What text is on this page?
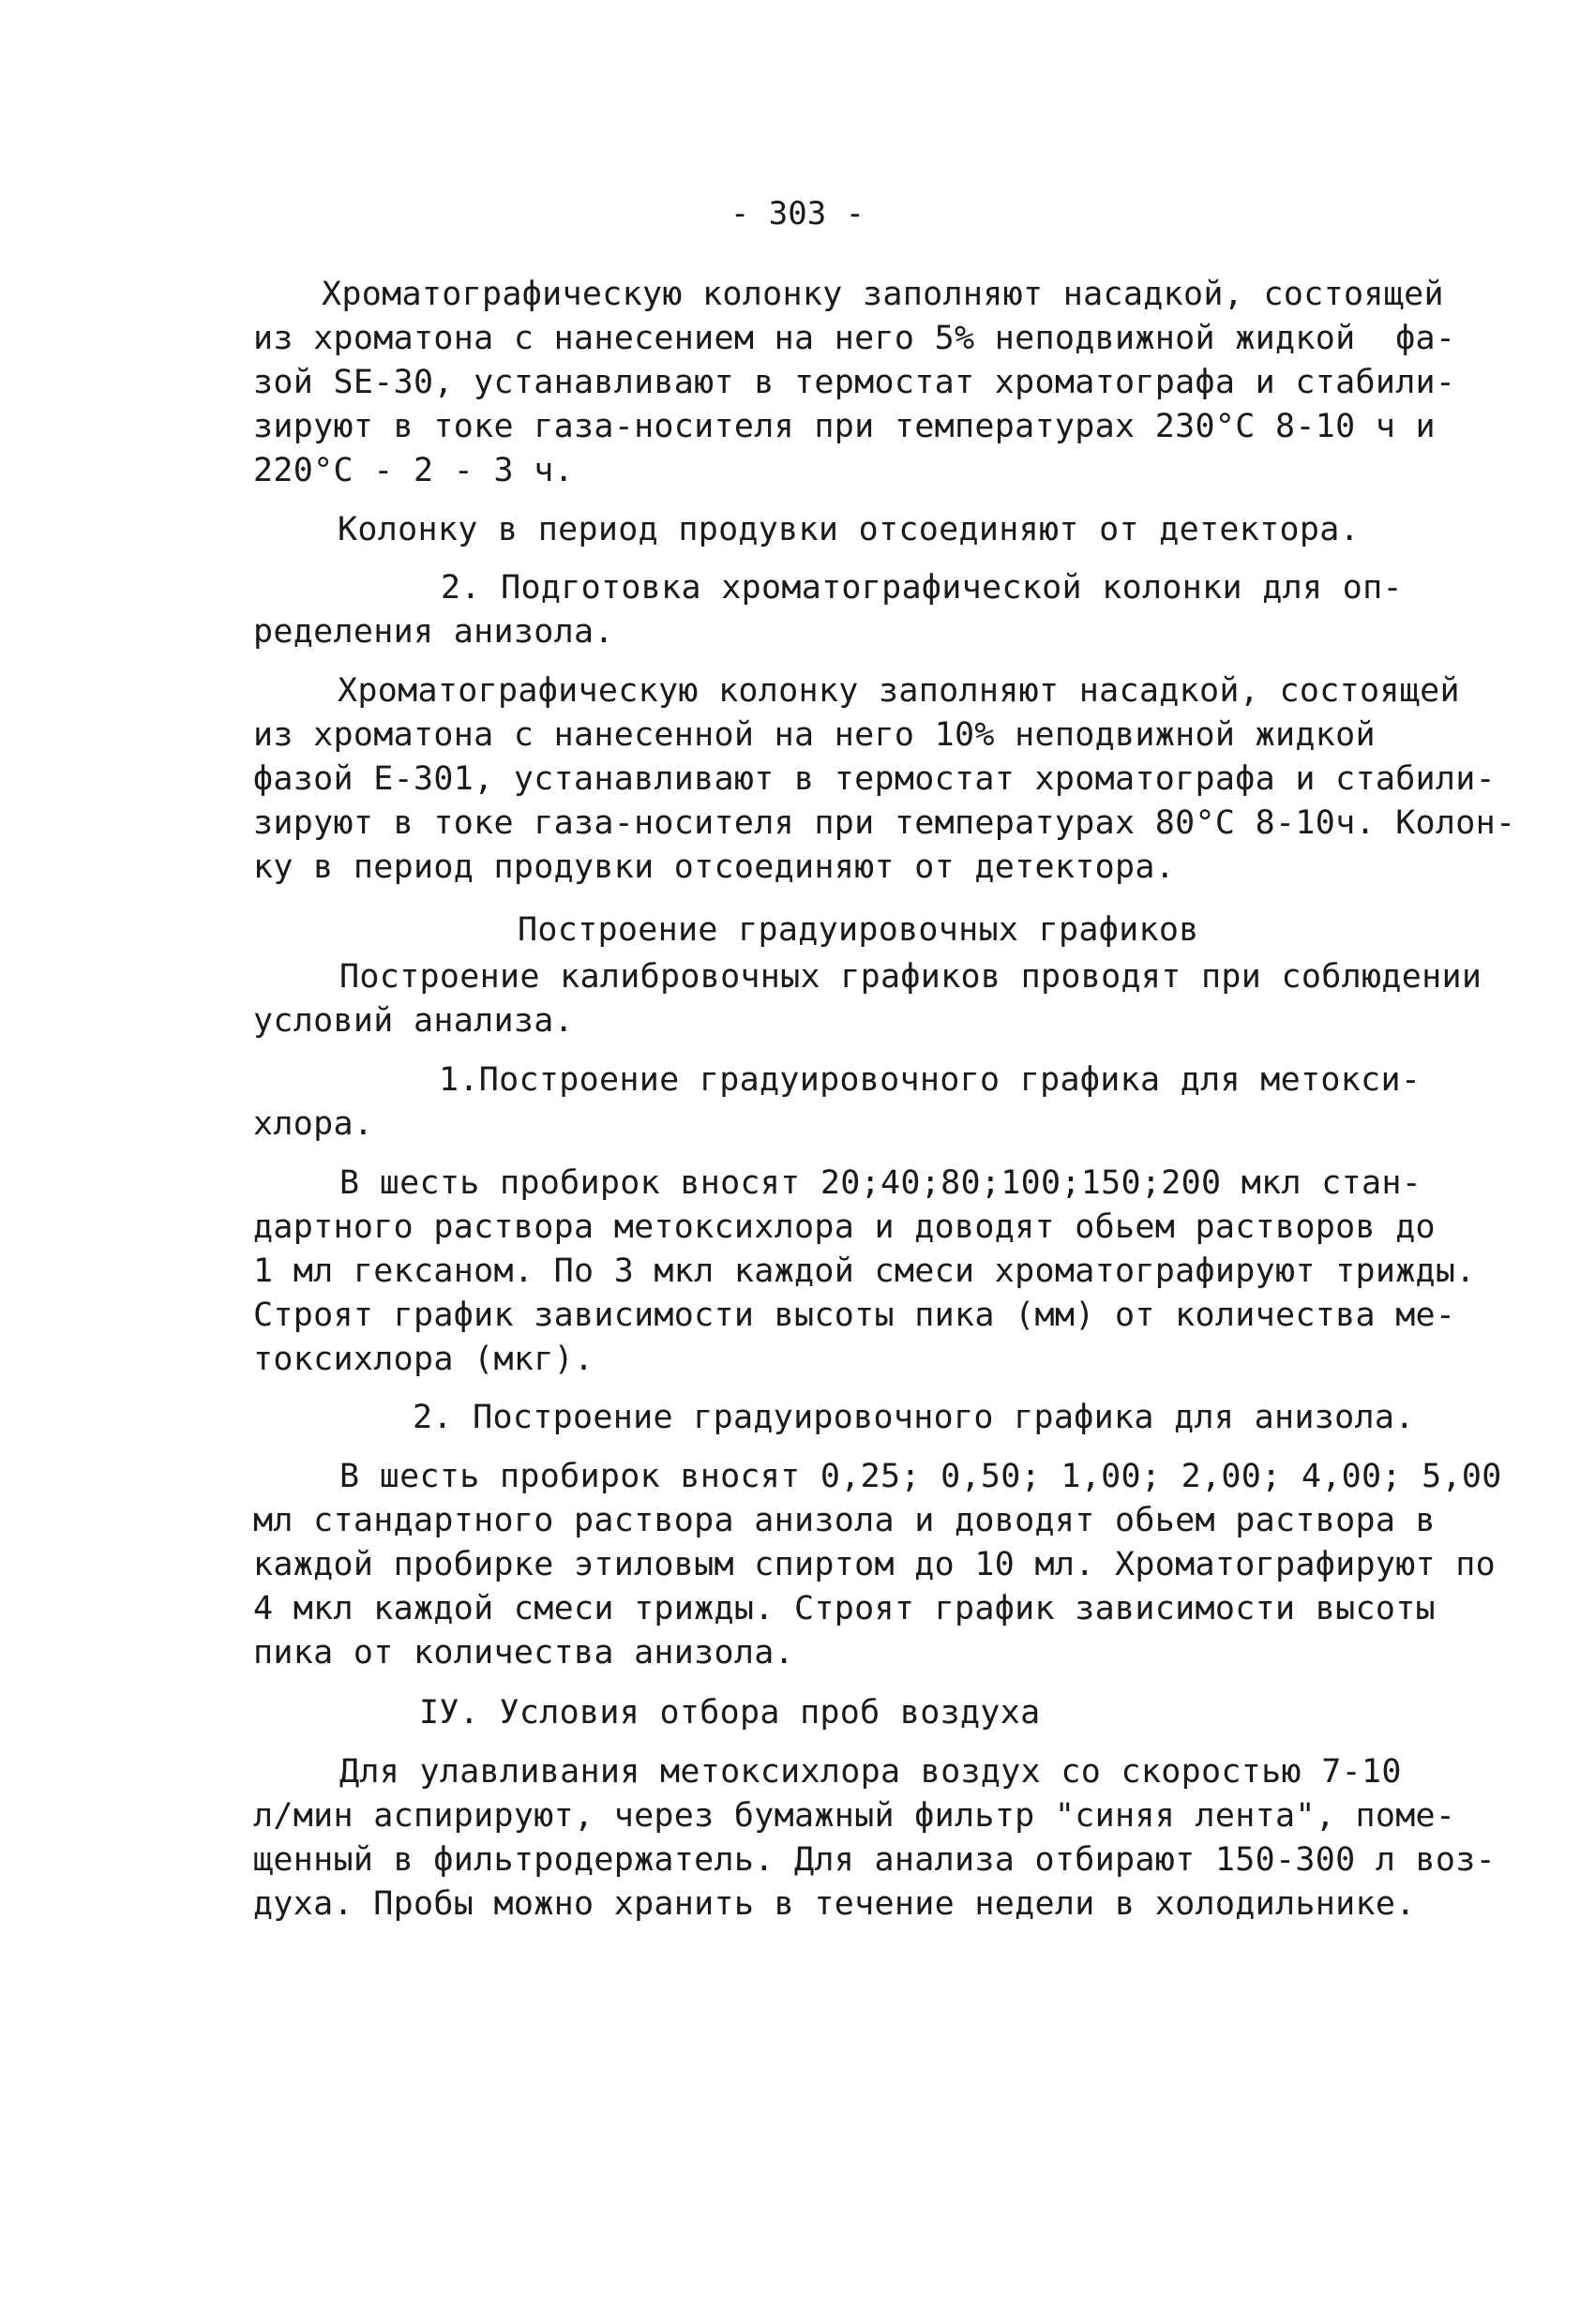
- 303 -
Хроматографическую колонку заполняют насадкой, состоящей
из хроматона с нанесением на него 5% неподвижной жидкой  фа-
зой SE-30, устанавливают в термостат хроматографа и стабили-
зируют в токе газа-носителя при температурах 230°С 8-10 ч и
220°С - 2 - 3 ч.
Колонку в период продувки отсоединяют от детектора.
2. Подготовка хроматографической колонки для оп-
ределения анизола.
Хроматографическую колонку заполняют насадкой, состоящей
из хроматона с нанесенной на него 10% неподвижной жидкой
фазой Е-301, устанавливают в термостат хроматографа и стабили-
зируют в токе газа-носителя при температурах 80°С 8-10ч. Колон-
ку в период продувки отсоединяют от детектора.
Построение градуировочных графиков
Построение калибровочных графиков проводят при соблюдении
условий анализа.
1.Построение градуировочного графика для метокси-
хлора.
В шесть пробирок вносят 20;40;80;100;150;200 мкл стан-
дартного раствора метоксихлора и доводят обьем растворов до
1 мл гексаном. По 3 мкл каждой смеси хроматографируют трижды.
Строят график зависимости высоты пика (мм) от количества ме-
токсихлора (мкг).
2. Построение градуировочного графика для анизола.
В шесть пробирок вносят 0,25; 0,50; 1,00; 2,00; 4,00; 5,00
мл стандартного раствора анизола и доводят обьем раствора в
каждой пробирке этиловым спиртом до 10 мл. Хроматографируют по
4 мкл каждой смеси трижды. Строят график зависимости высоты
пика от количества анизола.
IУ. Условия отбора проб воздуха
Для улавливания метоксихлора воздух со скоростью 7-10
л/мин аспирируют, через бумажный фильтр "синяя лента", поме-
щенный в фильтродержатель. Для анализа отбирают 150-300 л воз-
духа. Пробы можно хранить в течение недели в холодильнике.
